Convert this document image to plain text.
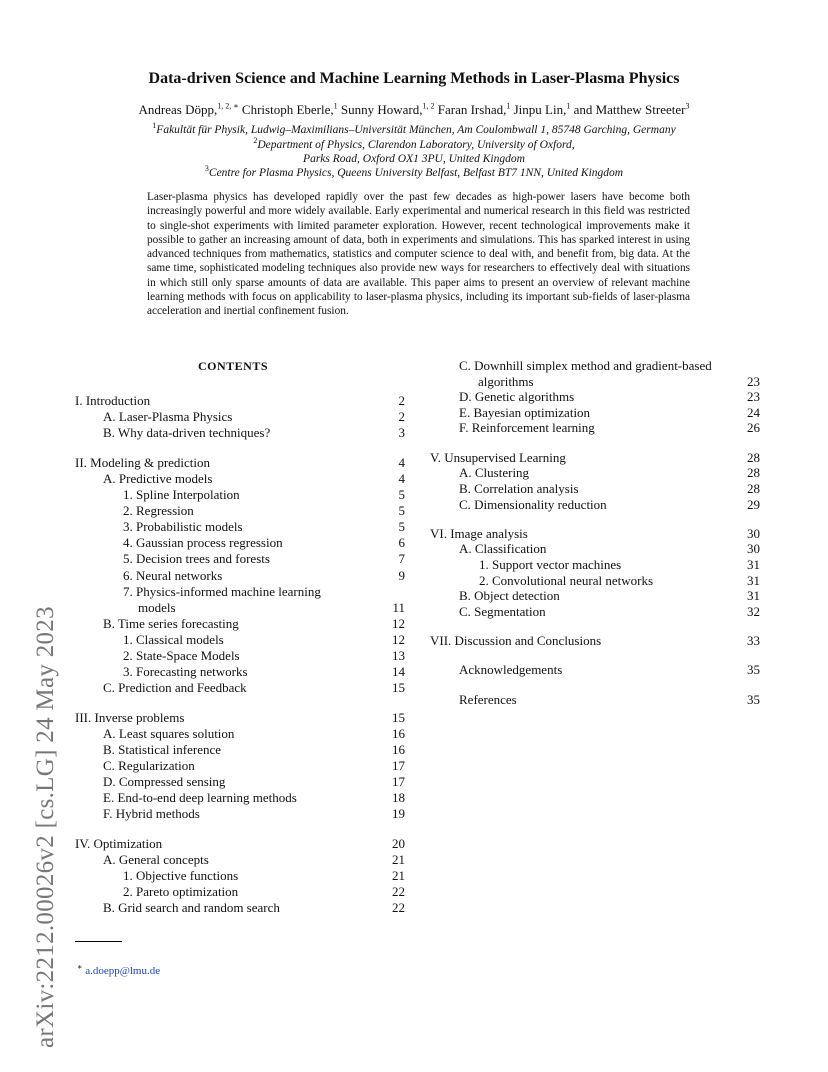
Data-driven Science and Machine Learning Methods in Laser-Plasma Physics
Andreas Döpp,$^{1, 2, ∗}$ Christoph Eberle,$^1$ Sunny Howard,$^{1, 2}$ Faran Irshad,$^1$ Jinpu Lin,$^1$ and Matthew Streeter$^3$
$^1$Fakultät für Physik, Ludwig–Maximilians–Universität München, Am Coulombwall 1, 85748 Garching, Germany
$^2$Department of Physics, Clarendon Laboratory, University of Oxford,
Parks Road, Oxford OX1 3PU, United Kingdom
$^3$Centre for Plasma Physics, Queens University Belfast, Belfast BT7 1NN, United Kingdom
Laser-plasma physics has developed rapidly over the past few decades as high-power lasers have become both increasingly powerful and more widely available. Early experimental and numerical research in this field was restricted to single-shot experiments with limited parameter exploration. However, recent technological improvements make it possible to gather an increasing amount of data, both in experiments and simulations. This has sparked interest in using advanced techniques from mathematics, statistics and computer science to deal with, and benefit from, big data. At the same time, sophisticated modeling techniques also provide new ways for researchers to effectively deal with situations in which still only sparse amounts of data are available. This paper aims to present an overview of relevant machine learning methods with focus on applicability to laser-plasma physics, including its important sub-fields of laser-plasma acceleration and inertial confinement fusion.
arXiv:2212.00026v2 [cs.LG] 24 May 2023
CONTENTS
I. Introduction	2
A. Laser-Plasma Physics	2
B. Why data-driven techniques?	3
II. Modeling & prediction	4
A. Predictive models	4
1. Spline Interpolation	5
2. Regression	5
3. Probabilistic models	5
4. Gaussian process regression	6
5. Decision trees and forests	7
6. Neural networks	9
7. Physics-informed machine learning
models	11
B. Time series forecasting	12
1. Classical models	12
2. State-Space Models	13
3. Forecasting networks	14
C. Prediction and Feedback	15
III. Inverse problems	15
A. Least squares solution	16
B. Statistical inference	16
C. Regularization	17
D. Compressed sensing	17
E. End-to-end deep learning methods	18
F. Hybrid methods	19
IV. Optimization	20
A. General concepts	21
1. Objective functions	21
2. Pareto optimization	22
B. Grid search and random search	22
C. Downhill simplex method and gradient-based
algorithms	23
D. Genetic algorithms	23
E. Bayesian optimization	24
F. Reinforcement learning	26
V. Unsupervised Learning	28
A. Clustering	28
B. Correlation analysis	28
C. Dimensionality reduction	29
VI. Image analysis	30
A. Classification	30
1. Support vector machines	31
2. Convolutional neural networks	31
B. Object detection	31
C. Segmentation	32
VII. Discussion and Conclusions	33
Acknowledgements	35
References	35
∗ a.doepp@lmu.de
